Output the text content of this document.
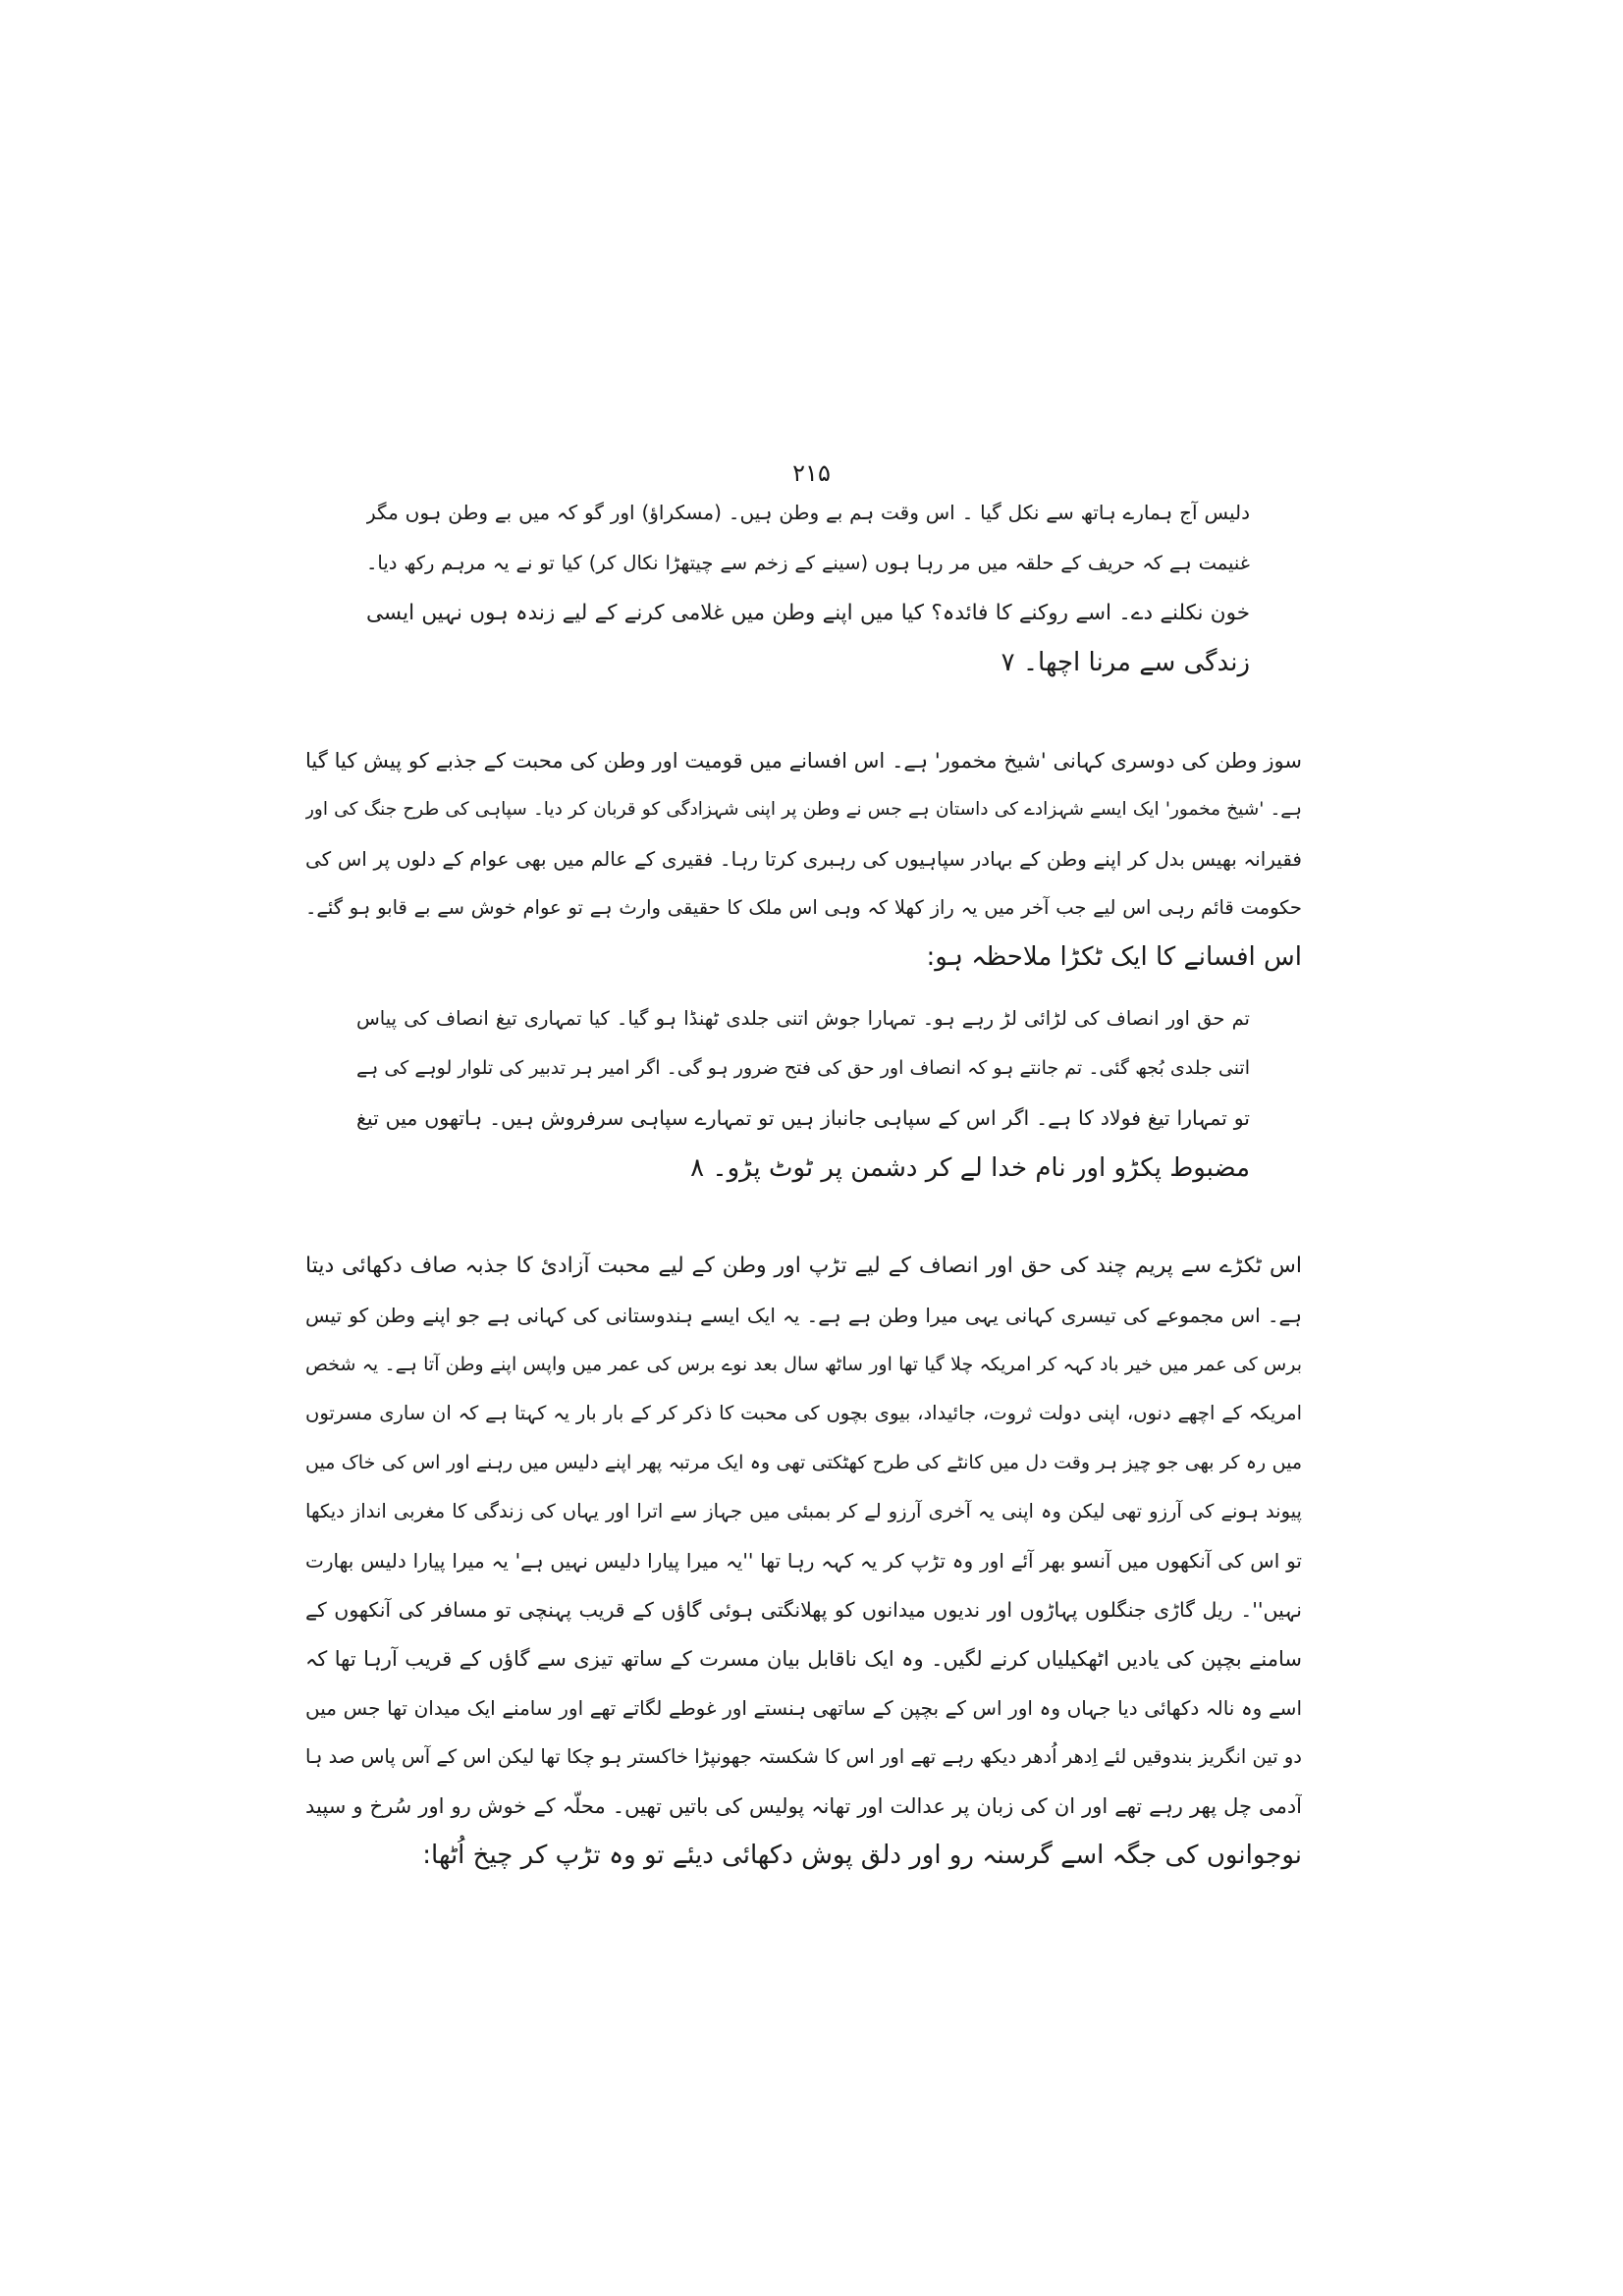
۲۱۵
دلیس آج ہمارے ہاتھ سے نکل گیا ۔ اس وقت ہم بے وطن ہیں۔ (مسکراؤ) اور گو کہ میں بے وطن ہوں مگر
غنیمت ہے کہ حریف کے حلقہ میں مر رہا ہوں (سینے کے زخم سے چیتھڑا نکال کر) کیا تو نے یہ مرہم رکھ دیا۔
خون نکلنے دے۔ اسے روکنے کا فائدہ؟ کیا میں اپنے وطن میں غلامی کرنے کے لیے زندہ ہوں نہیں ایسی
زندگی سے مرنا اچھا۔ ۷
سوز وطن کی دوسری کہانی 'شیخ مخمور' ہے۔ اس افسانے میں قومیت اور وطن کی محبت کے جذبے کو پیش کیا گیا
ہے۔ 'شیخ مخمور' ایک ایسے شہزادے کی داستان ہے جس نے وطن پر اپنی شہزادگی کو قربان کر دیا۔ سپاہی کی طرح جنگ کی اور
فقیرانہ بھیس بدل کر اپنے وطن کے بہادر سپاہیوں کی رہبری کرتا رہا۔ فقیری کے عالم میں بھی عوام کے دلوں پر اس کی
حکومت قائم رہی اس لیے جب آخر میں یہ راز کھلا کہ وہی اس ملک کا حقیقی وارث ہے تو عوام خوش سے بے قابو ہو گئے۔
اس افسانے کا ایک ٹکڑا ملاحظہ ہو:
تم حق اور انصاف کی لڑائی لڑ رہے ہو۔ تمہارا جوش اتنی جلدی ٹھنڈا ہو گیا۔ کیا تمہاری تیغ انصاف کی پیاس
اتنی جلدی بُجھ گئی۔ تم جانتے ہو کہ انصاف اور حق کی فتح ضرور ہو گی۔ اگر امیر ہر تدبیر کی تلوار لوہے کی ہے
تو تمہارا تیغ فولاد کا ہے۔ اگر اس کے سپاہی جانباز ہیں تو تمہارے سپاہی سرفروش ہیں۔ ہاتھوں میں تیغ
مضبوط پکڑو اور نام خدا لے کر دشمن پر ٹوٹ پڑو۔ ۸
اس ٹکڑے سے پریم چند کی حق اور انصاف کے لیے تڑپ اور وطن کے لیے محبت آزادیٔ کا جذبہ صاف دکھائی دیتا
ہے۔ اس مجموعے کی تیسری کہانی یہی میرا وطن ہے ہے۔ یہ ایک ایسے ہندوستانی کی کہانی ہے جو اپنے وطن کو تیس
برس کی عمر میں خیر باد کہہ کر امریکہ چلا گیا تھا اور ساٹھ سال بعد نوے برس کی عمر میں واپس اپنے وطن آتا ہے۔ یہ شخص
امریکہ کے اچھے دنوں، اپنی دولت ثروت، جائیداد، بیوی بچوں کی محبت کا ذکر کر کے بار بار یہ کہتا ہے کہ ان ساری مسرتوں
میں رہ کر بھی جو چیز ہر وقت دل میں کانٹے کی طرح کھٹکتی تھی وہ ایک مرتبہ پھر اپنے دلیس میں رہنے اور اس کی خاک میں
پیوند ہونے کی آرزو تھی لیکن وہ اپنی یہ آخری آرزو لے کر بمبئی میں جہاز سے اترا اور یہاں کی زندگی کا مغربی انداز دیکھا
تو اس کی آنکھوں میں آنسو بھر آئے اور وہ تڑپ کر یہ کہہ رہا تھا ''یہ میرا پیارا دلیس نہیں ہے' یہ میرا پیارا دلیس بھارت
نہیں''۔ ریل گاڑی جنگلوں پہاڑوں اور ندیوں میدانوں کو پھلانگتی ہوئی گاؤں کے قریب پہنچی تو مسافر کی آنکھوں کے
سامنے بچپن کی یادیں اٹھکیلیاں کرنے لگیں۔ وہ ایک ناقابل بیان مسرت کے ساتھ تیزی سے گاؤں کے قریب آرہا تھا کہ
اسے وہ نالہ دکھائی دیا جہاں وہ اور اس کے بچپن کے ساتھی ہنستے اور غوطے لگاتے تھے اور سامنے ایک میدان تھا جس میں
دو تین انگریز بندوقیں لئے اِدھر اُدھر دیکھ رہے تھے اور اس کا شکستہ جھونپڑا خاکستر ہو چکا تھا لیکن اس کے آس پاس صد ہا
آدمی چل پھر رہے تھے اور ان کی زبان پر عدالت اور تھانہ پولیس کی باتیں تھیں۔ محلّہ کے خوش رو اور سُرخ و سپید
نوجوانوں کی جگہ اسے گرسنہ رو اور دلق پوش دکھائی دیئے تو وہ تڑپ کر چیخ اُٹھا:
